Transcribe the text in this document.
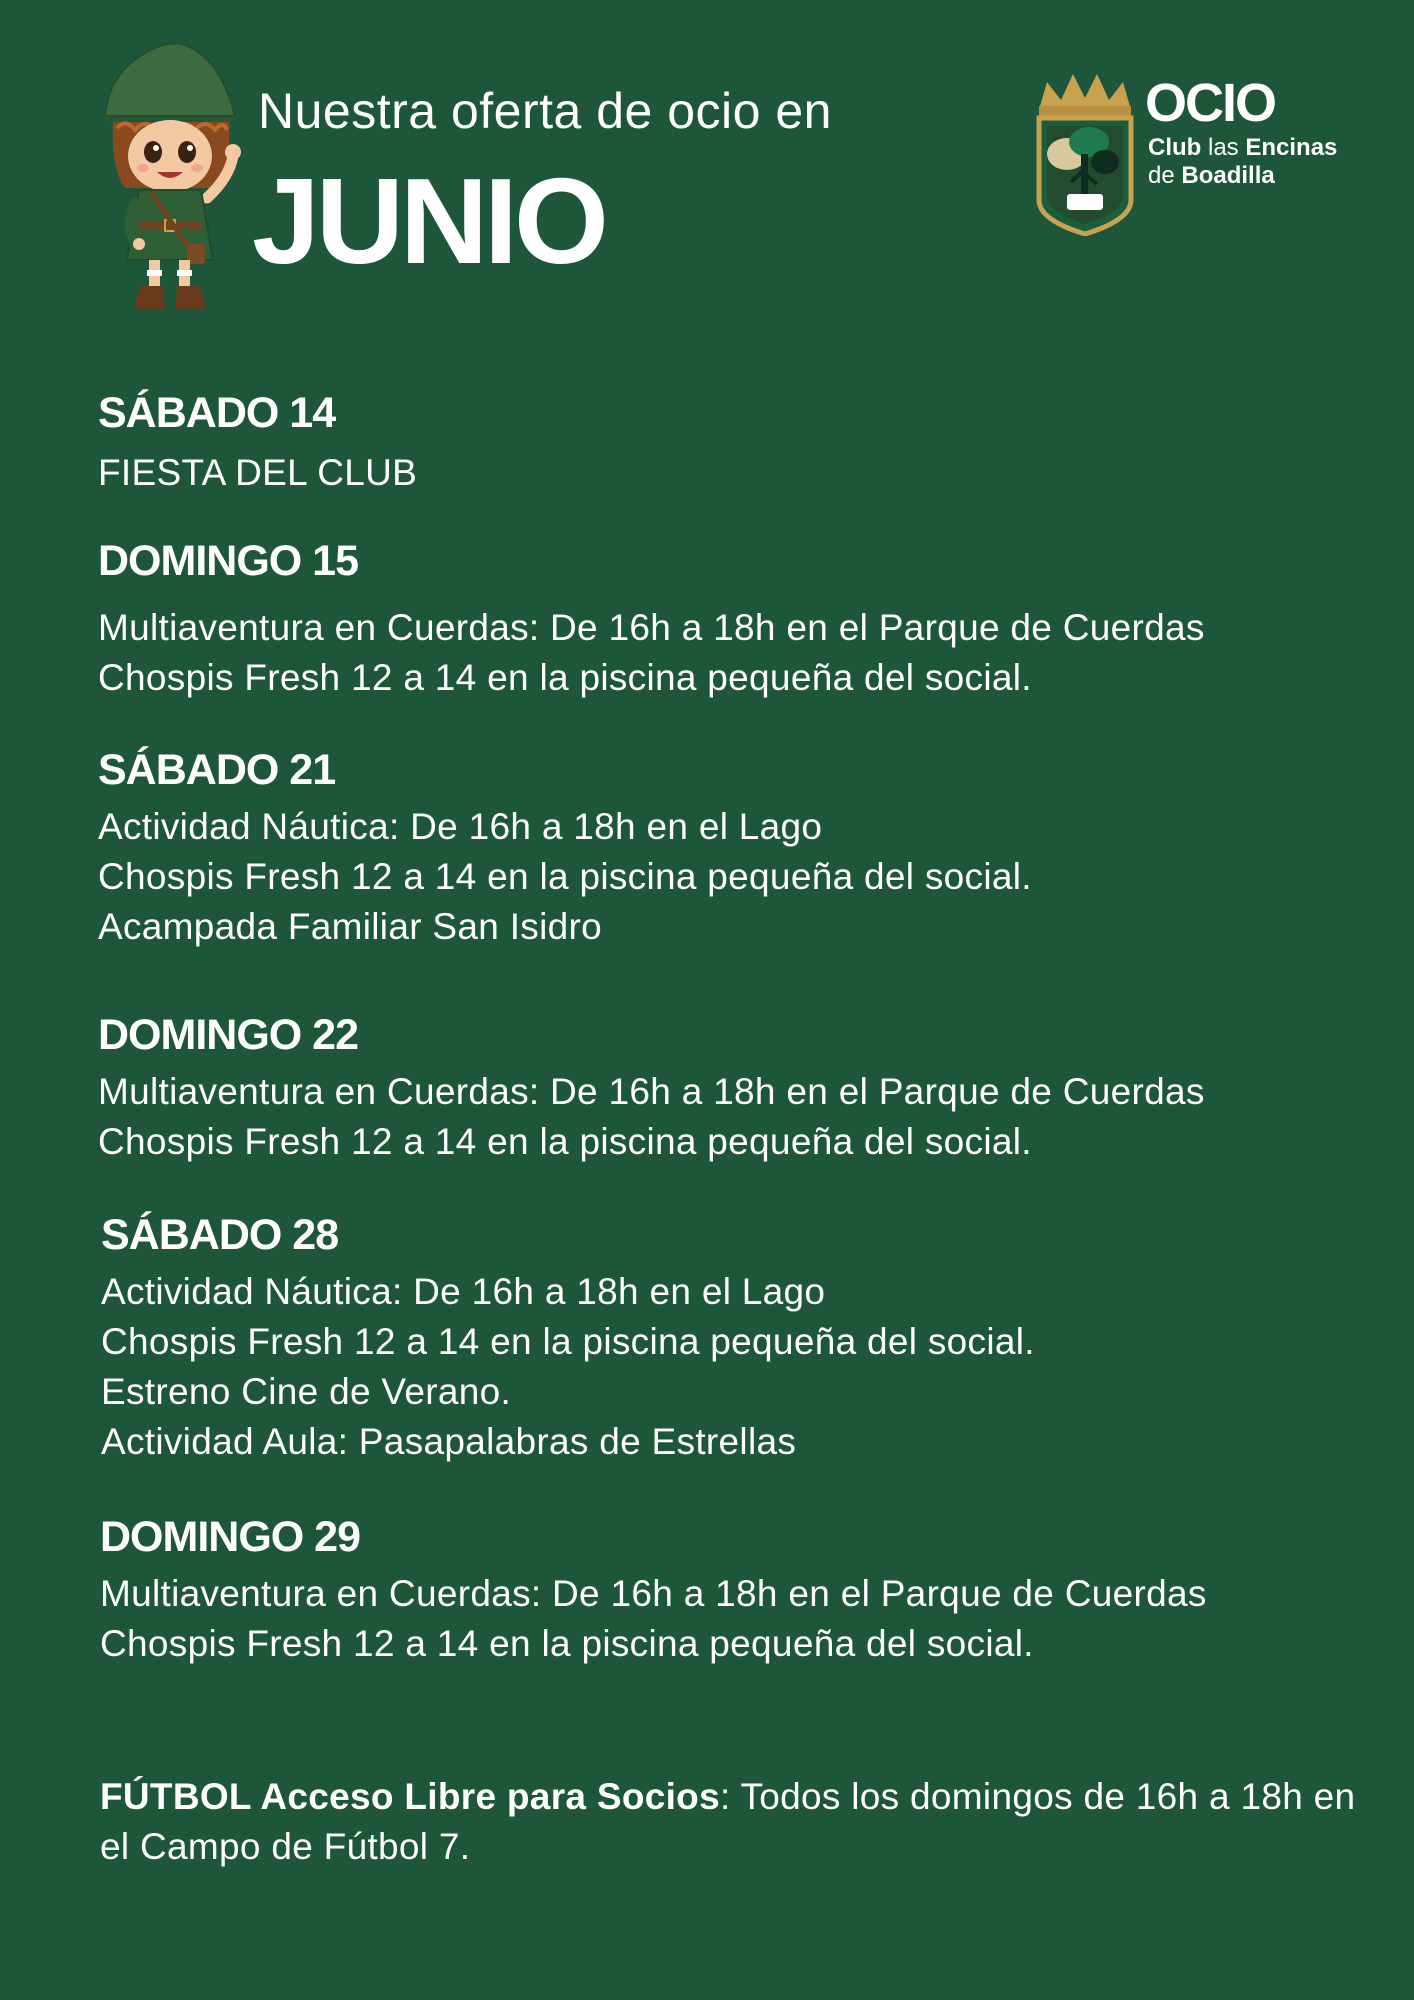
Nuestra oferta de ocio en
JUNIO
OCIO
Club las Encinas
de Boadilla
SÁBADO 14
FIESTA DEL CLUB
DOMINGO 15
Multiaventura en Cuerdas: De 16h a 18h en el Parque de Cuerdas
Chospis Fresh 12 a 14 en la piscina pequeña del social.
SÁBADO 21
Actividad Náutica: De 16h a 18h en el Lago
Chospis Fresh 12 a 14 en la piscina pequeña del social.
Acampada Familiar San Isidro
DOMINGO 22
Multiaventura en Cuerdas: De 16h a 18h en el Parque de Cuerdas
Chospis Fresh 12 a 14 en la piscina pequeña del social.
SÁBADO 28
Actividad Náutica: De 16h a 18h en el Lago
Chospis Fresh 12 a 14 en la piscina pequeña del social.
Estreno Cine de Verano.
Actividad Aula: Pasapalabras de Estrellas
DOMINGO 29
Multiaventura en Cuerdas: De 16h a 18h en el Parque de Cuerdas
Chospis Fresh 12 a 14 en la piscina pequeña del social.
FÚTBOL Acceso Libre para Socios: Todos los domingos de 16h a 18h en el Campo de Fútbol 7.
